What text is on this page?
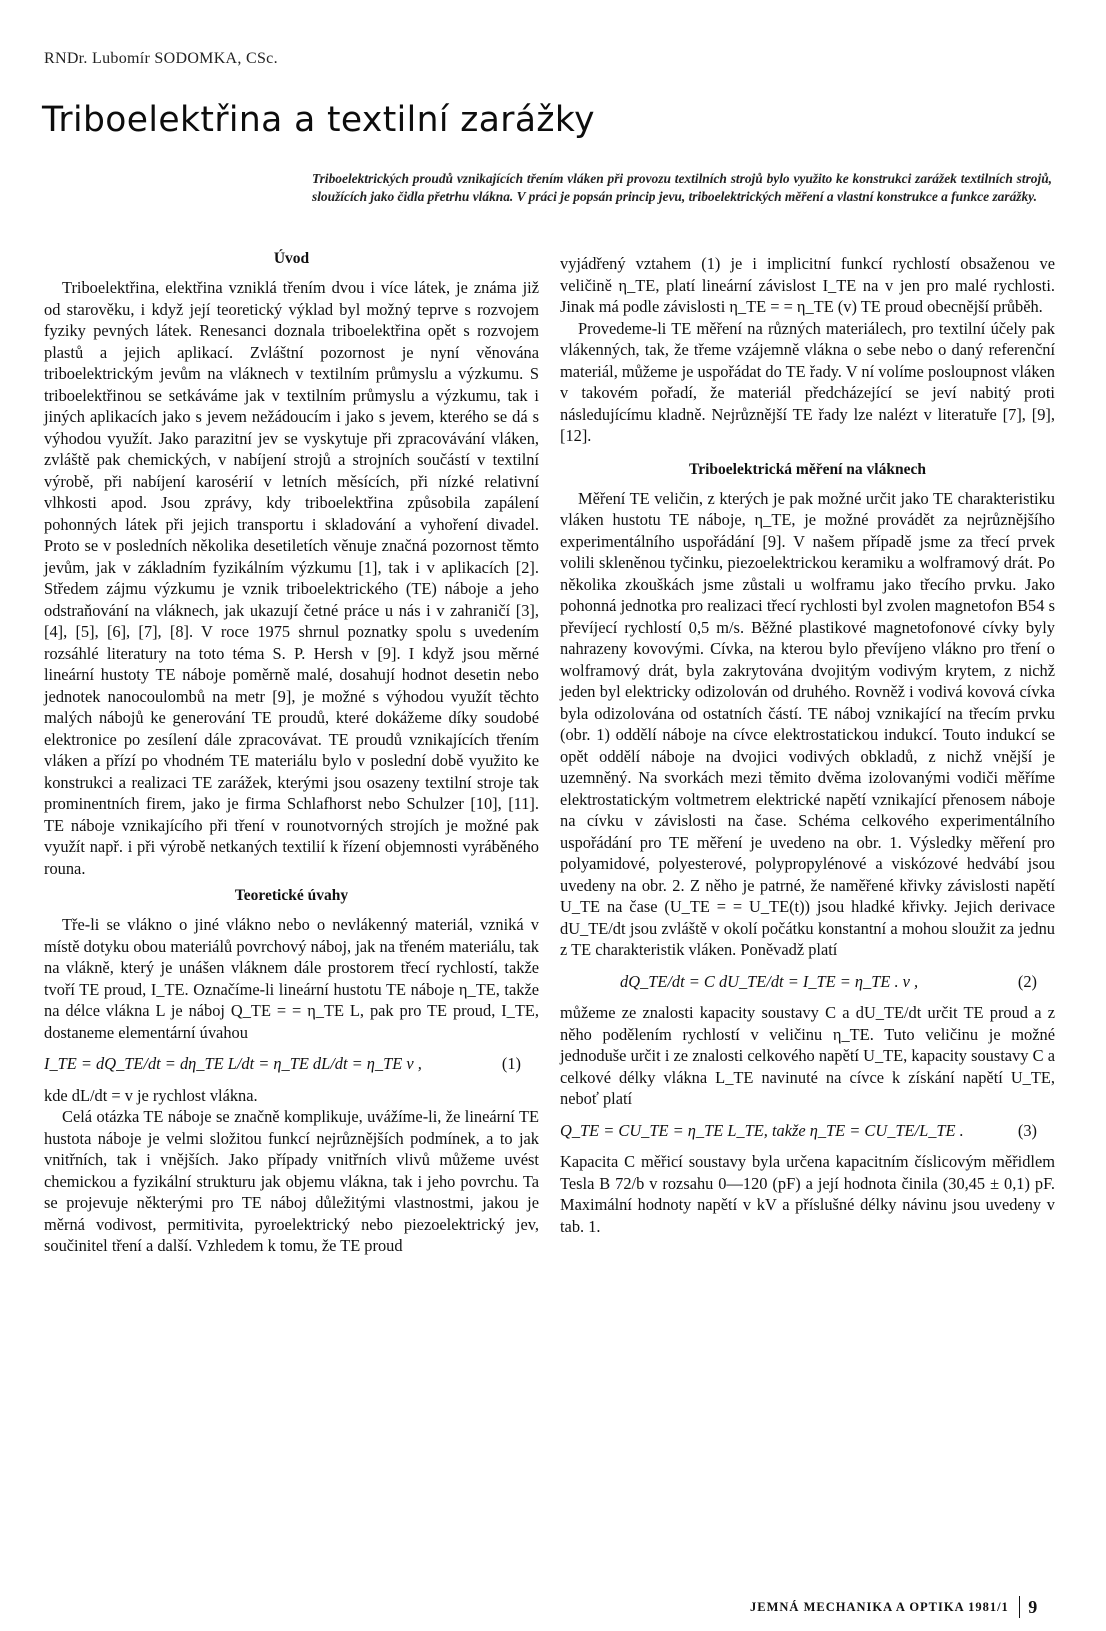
RNDr. Lubomír SODOMKA, CSc.
Triboelektřina a textilní zarážky
Triboelektrických proudů vznikajících třením vláken při provozu textilních strojů bylo využito ke konstrukci zarážek textilních strojů, sloužících jako čidla přetrhu vlákna. V práci je popsán princip jevu, triboelektrických měření a vlastní konstrukce a funkce zarážky.
Úvod

Triboelektřina, elektřina vzniklá třením dvou i více látek, je známa již od starověku, i když její teoretický výklad byl možný teprve s rozvojem fyziky pevných látek. Renesanci doznala triboelektřina opět s rozvojem plastů a jejich aplikací. Zvláštní pozornost je nyní věnována triboelektrickým jevům na vláknech v textilním průmyslu a výzkumu. S triboelektřinou se setkáváme jak v textilním průmyslu a výzkumu, tak i jiných aplikacích jako s jevem nežádoucím i jako s jevem, kterého se dá s výhodou využít. Jako parazitní jev se vyskytuje při zpracovávání vláken, zvláště pak chemických, v nabíjení strojů a strojních součástí v textilní výrobě, při nabíjení karosérií v letních měsících, při nízké relativní vlhkosti apod. Jsou zprávy, kdy triboelektřina způsobila zapálení pohonných látek při jejich transportu i skladování a vyhoření divadel. Proto se v posledních několika desetiletích věnuje značná pozornost těmto jevům, jak v základním fyzikálním výzkumu [1], tak i v aplikacích [2]. Středem zájmu výzkumu je vznik triboelektrického (TE) náboje a jeho odstraňování na vláknech, jak ukazují četné práce u nás i v zahraničí [3], [4], [5], [6], [7], [8]. V roce 1975 shrnul poznatky spolu s uvedením rozsáhlé literatury na toto téma S. P. Hersh v [9]. I když jsou měrné lineární hustoty TE náboje poměrně malé, dosahují hodnot desetin nebo jednotek nanocoulombů na metr [9], je možné s výhodou využít těchto malých nábojů ke generování TE proudů, které dokážeme díky soudobé elektronice po zesílení dále zpracovávat. TE proudů vznikajících třením vláken a přízí po vhodném TE materiálu bylo v poslední době využito ke konstrukci a realizaci TE zarážek, kterými jsou osazeny textilní stroje tak prominentních firem, jako je firma Schlafhorst nebo Schulzer [10], [11]. TE náboje vznikajícího při tření v rounotvorných strojích je možné pak využít např. i při výrobě netkaných textilií k řízení objemnosti vyráběného rouna.

Teoretické úvahy

Tře-li se vlákno o jiné vlákno nebo o nevlákenný materiál, vzniká v místě dotyku obou materiálů povrchový náboj, jak na třeném materiálu, tak na vlákně, který je unášen vláknem dále prostorem třecí rychlostí, takže tvoří TE proud, I_TE. Označíme-li lineární hustotu TE náboje η_TE, takže na délce vlákna L je náboj Q_TE = = η_TE L, pak pro TE proud, I_TE, dostaneme elementární úvahou

I_TE = dQ_TE/dt = dη_TE L/dt = η_TE dL/dt = η_TE v ,	(1)

kde dL/dt = v je rychlost vlákna.

Celá otázka TE náboje se značně komplikuje, uvážíme-li, že lineární TE hustota náboje je velmi složitou funkcí nejrůznějších podmínek, a to jak vnitřních, tak i vnějších. Jako případy vnitřních vlivů můžeme uvést chemickou a fyzikální strukturu jak objemu vlákna, tak i jeho povrchu. Ta se projevuje některými pro TE náboj důležitými vlastnostmi, jakou je měrná vodivost, permitivita, pyroelektrický nebo piezoelektrický jev, součinitel tření a další. Vzhledem k tomu, že TE proud

vyjádřený vztahem (1) je i implicitní funkcí rychlostí obsaženou ve veličině η_TE, platí lineární závislost I_TE na v jen pro malé rychlosti. Jinak má podle závislosti η_TE = = η_TE (v) TE proud obecnější průběh.

Provedeme-li TE měření na různých materiálech, pro textilní účely pak vlákenných, tak, že třeme vzájemně vlákna o sebe nebo o daný referenční materiál, můžeme je uspořádat do TE řady. V ní volíme posloupnost vláken v takovém pořadí, že materiál předcházející se jeví nabitý proti následujícímu kladně. Nejrůznější TE řady lze nalézt v literatuře [7], [9], [12].

Triboelektrická měření na vláknech

Měření TE veličin, z kterých je pak možné určit jako TE charakteristiku vláken hustotu TE náboje, η_TE, je možné provádět za nejrůznějšího experimentálního uspořádání [9]. V našem případě jsme za třecí prvek volili skleněnou tyčinku, piezoelektrickou keramiku a wolframový drát. Po několika zkouškách jsme zůstali u wolframu jako třecího prvku. Jako pohonná jednotka pro realizaci třecí rychlosti byl zvolen magnetofon B54 s převíjecí rychlostí 0,5 m/s. Běžné plastikové magnetofonové cívky byly nahrazeny kovovými. Cívka, na kterou bylo převíjeno vlákno pro tření o wolframový drát, byla zakrytována dvojitým vodivým krytem, z nichž jeden byl elektricky odizolován od druhého. Rovněž i vodivá kovová cívka byla odizolována od ostatních částí. TE náboj vznikající na třecím prvku (obr. 1) oddělí náboje na cívce elektrostatickou indukcí. Touto indukcí se opět oddělí náboje na dvojici vodivých obkladů, z nichž vnější je uzemněný. Na svorkách mezi těmito dvěma izolovanými vodiči měříme elektrostatickým voltmetrem elektrické napětí vznikající přenosem náboje na cívku v závislosti na čase. Schéma celkového experimentálního uspořádání pro TE měření je uvedeno na obr. 1. Výsledky měření pro polyamidové, polyesterové, polypropylénové a viskózové hedvábí jsou uvedeny na obr. 2. Z něho je patrné, že naměřené křivky závislosti napětí U_TE na čase (U_TE = = U_TE(t)) jsou hladké křivky. Jejich derivace dU_TE/dt jsou zvláště v okolí počátku konstantní a mohou sloužit za jednu z TE charakteristik vláken. Poněvadž platí

dQ_TE/dt = C dU_TE/dt = I_TE = η_TE . v ,	(2)

můžeme ze znalosti kapacity soustavy C a dU_TE/dt určit TE proud a z něho podělením rychlostí v veličinu η_TE. Tuto veličinu je možné jednoduše určit i ze znalosti celkového napětí U_TE, kapacity soustavy C a celkové délky vlákna L_TE navinuté na cívce k získání napětí U_TE, neboť platí

Q_TE = CU_TE = η_TE L_TE, takže η_TE = CU_TE/L_TE .	(3)

Kapacita C měřicí soustavy byla určena kapacitním číslicovým měřidlem Tesla B 72/b v rozsahu 0—120 (pF) a její hodnota činila (30,45 ± 0,1) pF. Maximální hodnoty napětí v kV a příslušné délky návinu jsou uvedeny v tab. 1.

JEMNÁ MECHANIKA A OPTIKA 1981/1 9
